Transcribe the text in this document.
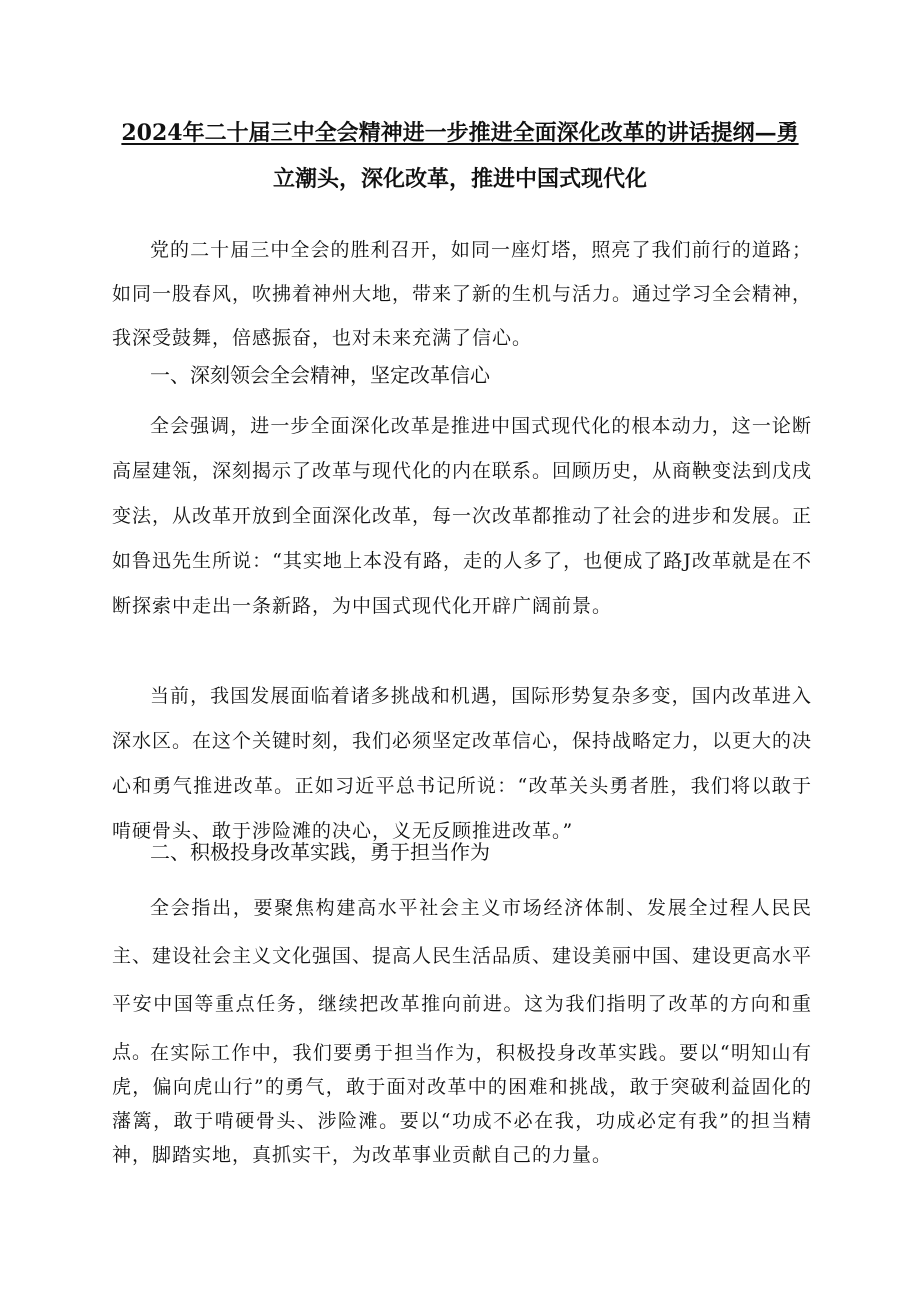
2024年二十届三中全会精神进一步推进全面深化改革的讲话提纲—勇
立潮头，深化改革，推进中国式现代化

党的二十届三中全会的胜利召开，如同一座灯塔，照亮了我们前行的道路；如同一股春风，吹拂着神州大地，带来了新的生机与活力。通过学习全会精神，我深受鼓舞，倍感振奋，也对未来充满了信心。

一、深刻领会全会精神，坚定改革信心

全会强调，进一步全面深化改革是推进中国式现代化的根本动力，这一论断高屋建瓴，深刻揭示了改革与现代化的内在联系。回顾历史，从商鞅变法到戊戌变法，从改革开放到全面深化改革，每一次改革都推动了社会的进步和发展。正如鲁迅先生所说：“其实地上本没有路，走的人多了，也便成了路J改革就是在不断探索中走出一条新路，为中国式现代化开辟广阔前景。

当前，我国发展面临着诸多挑战和机遇，国际形势复杂多变，国内改革进入深水区。在这个关键时刻，我们必须坚定改革信心，保持战略定力，以更大的决心和勇气推进改革。正如习近平总书记所说：“改革关头勇者胜，我们将以敢于啃硬骨头、敢于涉险滩的决心，义无反顾推进改革。”

二、积极投身改革实践，勇于担当作为

全会指出，要聚焦构建高水平社会主义市场经济体制、发展全过程人民民主、建设社会主义文化强国、提高人民生活品质、建设美丽中国、建设更高水平平安中国等重点任务，继续把改革推向前进。这为我们指明了改革的方向和重点。

在实际工作中，我们要勇于担当作为，积极投身改革实践。要以“明知山有虎，偏向虎山行”的勇气，敢于面对改革中的困难和挑战，敢于突破利益固化的藩篱，敢于啃硬骨头、涉险滩。要以“功成不必在我，功成必定有我”的担当精神，脚踏实地，真抓实干，为改革事业贡献自己的力量。
